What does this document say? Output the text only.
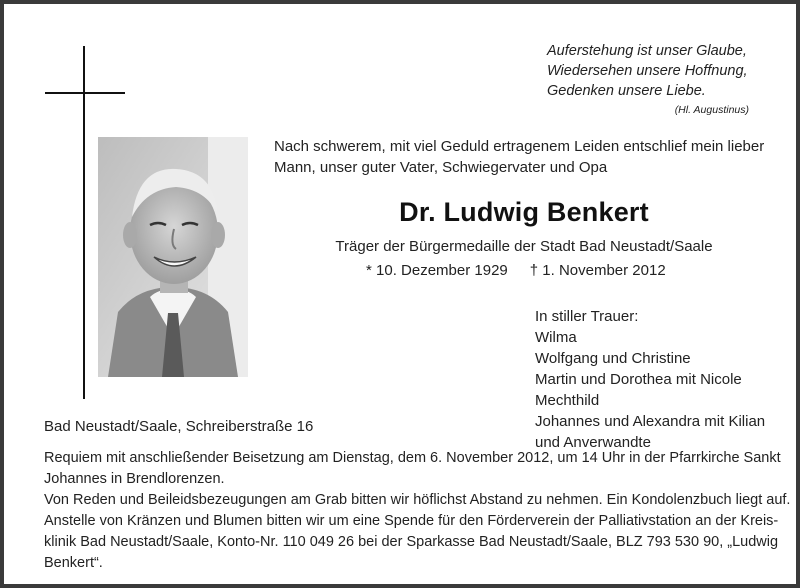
Auferstehung ist unser Glaube,
Wiedersehen unsere Hoffnung,
Gedenken unsere Liebe.
(Hl. Augustinus)
Nach schwerem, mit viel Geduld ertragenem Leiden entschlief mein lieber
Mann, unser guter Vater, Schwiegervater und Opa
Dr. Ludwig Benkert
Träger der Bürgermedaille der Stadt Bad Neustadt/Saale
* 10. Dezember 1929 † 1. November 2012
In stiller Trauer:
Wilma
Wolfgang und Christine
Martin und Dorothea mit Nicole
Mechthild
Johannes und Alexandra mit Kilian
und Anverwandte
Bad Neustadt/Saale, Schreiberstraße 16
Requiem mit anschließender Beisetzung am Dienstag, dem 6. November 2012, um 14 Uhr in der Pfarrkirche Sankt
Johannes in Brendlorenzen.
Von Reden und Beileidsbezeugungen am Grab bitten wir höflichst Abstand zu nehmen. Ein Kondolenzbuch liegt auf.
Anstelle von Kränzen und Blumen bitten wir um eine Spende für den Förderverein der Palliativstation an der Kreis-
klinik Bad Neustadt/Saale, Konto-Nr. 110 049 26 bei der Sparkasse Bad Neustadt/Saale, BLZ 793 530 90, „Ludwig
Benkert“.
